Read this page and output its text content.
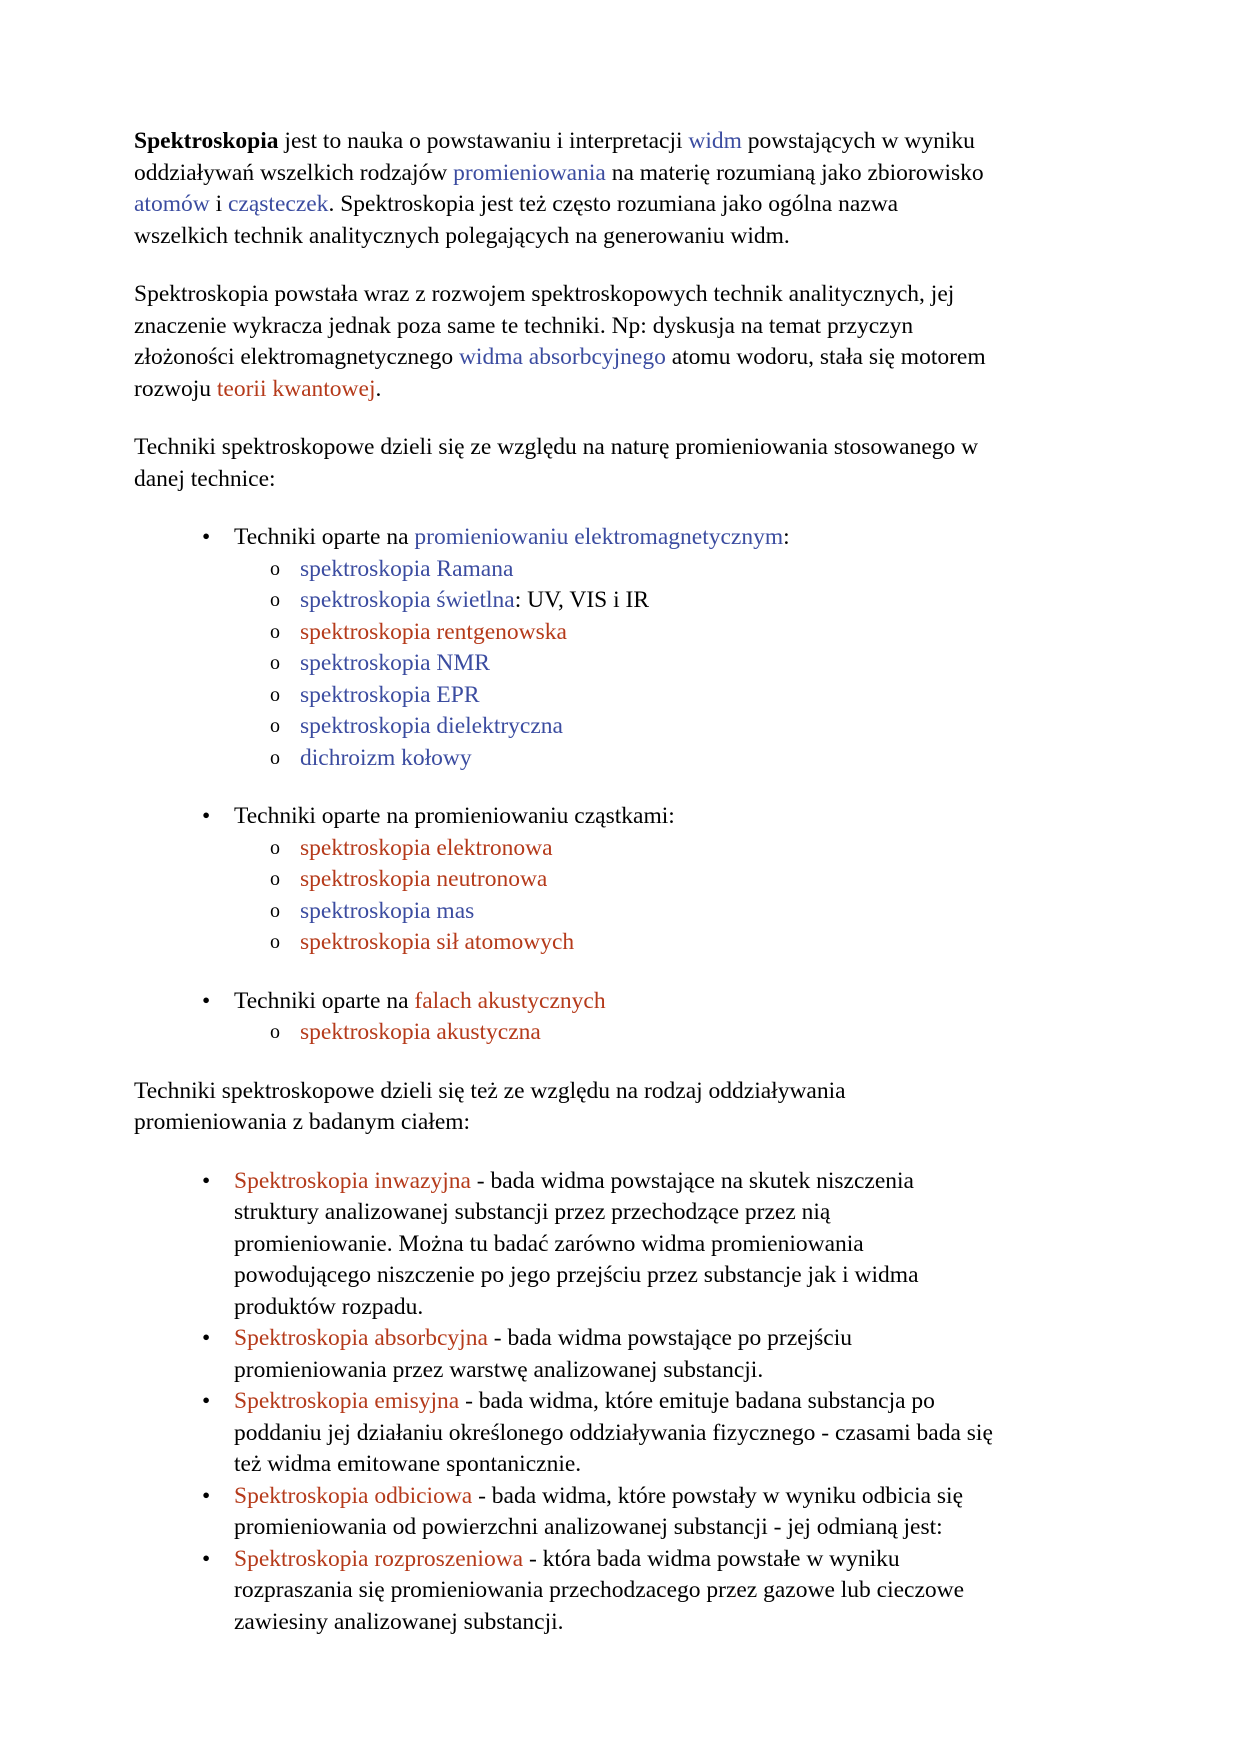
Spektroskopia jest to nauka o powstawaniu i interpretacji widm powstających w wyniku oddziaływań wszelkich rodzajów promieniowania na materię rozumianą jako zbiorowisko atomów i cząsteczek. Spektroskopia jest też często rozumiana jako ogólna nazwa wszelkich technik analitycznych polegających na generowaniu widm.

Spektroskopia powstała wraz z rozwojem spektroskopowych technik analitycznych, jej znaczenie wykracza jednak poza same te techniki. Np: dyskusja na temat przyczyn złożoności elektromagnetycznego widma absorbcyjnego atomu wodoru, stała się motorem rozwoju teorii kwantowej.

Techniki spektroskopowe dzieli się ze względu na naturę promieniowania stosowanego w danej technice:

• Techniki oparte na promieniowaniu elektromagnetycznym:
o spektroskopia Ramana
o spektroskopia świetlna: UV, VIS i IR
o spektroskopia rentgenowska
o spektroskopia NMR
o spektroskopia EPR
o spektroskopia dielektryczna
o dichroizm kołowy
• Techniki oparte na promieniowaniu cząstkami:
o spektroskopia elektronowa
o spektroskopia neutronowa
o spektroskopia mas
o spektroskopia sił atomowych
• Techniki oparte na falach akustycznych
o spektroskopia akustyczna

Techniki spektroskopowe dzieli się też ze względu na rodzaj oddziaływania promieniowania z badanym ciałem:

• Spektroskopia inwazyjna - bada widma powstające na skutek niszczenia struktury analizowanej substancji przez przechodzące przez nią promieniowanie. Można tu badać zarówno widma promieniowania powodującego niszczenie po jego przejściu przez substancje jak i widma produktów rozpadu.
• Spektroskopia absorbcyjna - bada widma powstające po przejściu promieniowania przez warstwę analizowanej substancji.
• Spektroskopia emisyjna - bada widma, które emituje badana substancja po poddaniu jej działaniu określonego oddziaływania fizycznego - czasami bada się też widma emitowane spontanicznie.
• Spektroskopia odbiciowa - bada widma, które powstały w wyniku odbicia się promieniowania od powierzchni analizowanej substancji - jej odmianą jest:
• Spektroskopia rozproszeniowa - która bada widma powstałe w wyniku rozpraszania się promieniowania przechodzacego przez gazowe lub cieczowe zawiesiny analizowanej substancji.
